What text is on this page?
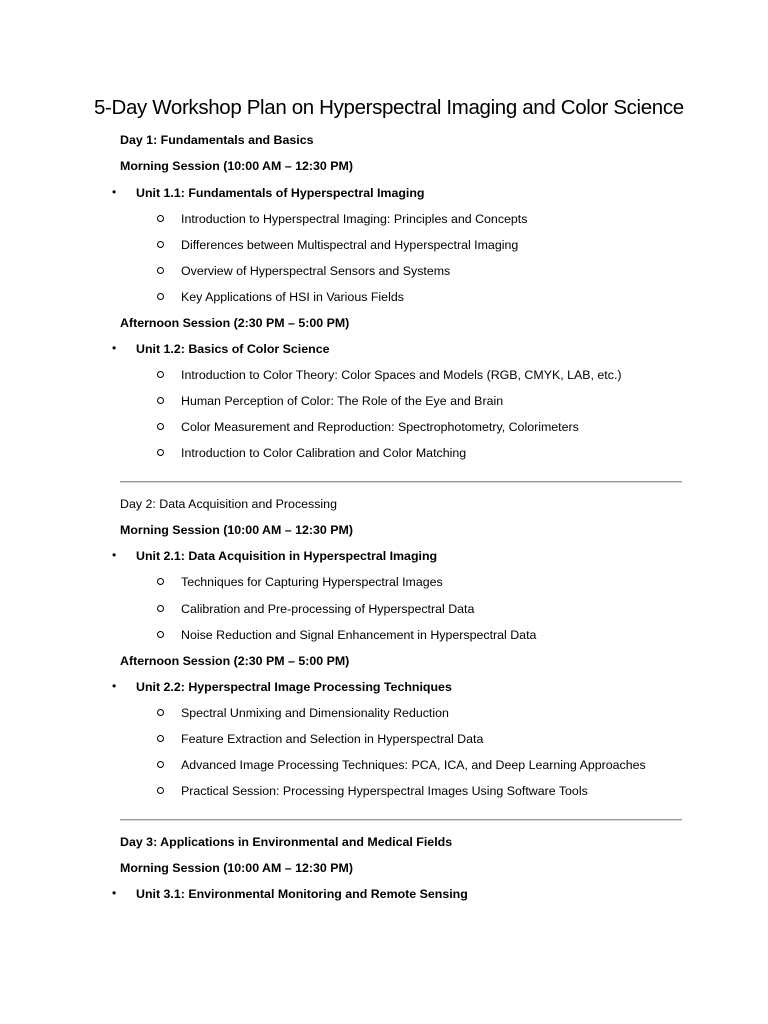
5-Day Workshop Plan on Hyperspectral Imaging and Color Science
Day 1: Fundamentals and Basics
Morning Session (10:00 AM – 12:30 PM)
• Unit 1.1: Fundamentals of Hyperspectral Imaging
Introduction to Hyperspectral Imaging: Principles and Concepts
Differences between Multispectral and Hyperspectral Imaging
Overview of Hyperspectral Sensors and Systems
Key Applications of HSI in Various Fields
Afternoon Session (2:30 PM – 5:00 PM)
• Unit 1.2: Basics of Color Science
Introduction to Color Theory: Color Spaces and Models (RGB, CMYK, LAB, etc.)
Human Perception of Color: The Role of the Eye and Brain
Color Measurement and Reproduction: Spectrophotometry, Colorimeters
Introduction to Color Calibration and Color Matching
Day 2: Data Acquisition and Processing
Morning Session (10:00 AM – 12:30 PM)
• Unit 2.1: Data Acquisition in Hyperspectral Imaging
Techniques for Capturing Hyperspectral Images
Calibration and Pre-processing of Hyperspectral Data
Noise Reduction and Signal Enhancement in Hyperspectral Data
Afternoon Session (2:30 PM – 5:00 PM)
• Unit 2.2: Hyperspectral Image Processing Techniques
Spectral Unmixing and Dimensionality Reduction
Feature Extraction and Selection in Hyperspectral Data
Advanced Image Processing Techniques: PCA, ICA, and Deep Learning Approaches
Practical Session: Processing Hyperspectral Images Using Software Tools
Day 3: Applications in Environmental and Medical Fields
Morning Session (10:00 AM – 12:30 PM)
• Unit 3.1: Environmental Monitoring and Remote Sensing
